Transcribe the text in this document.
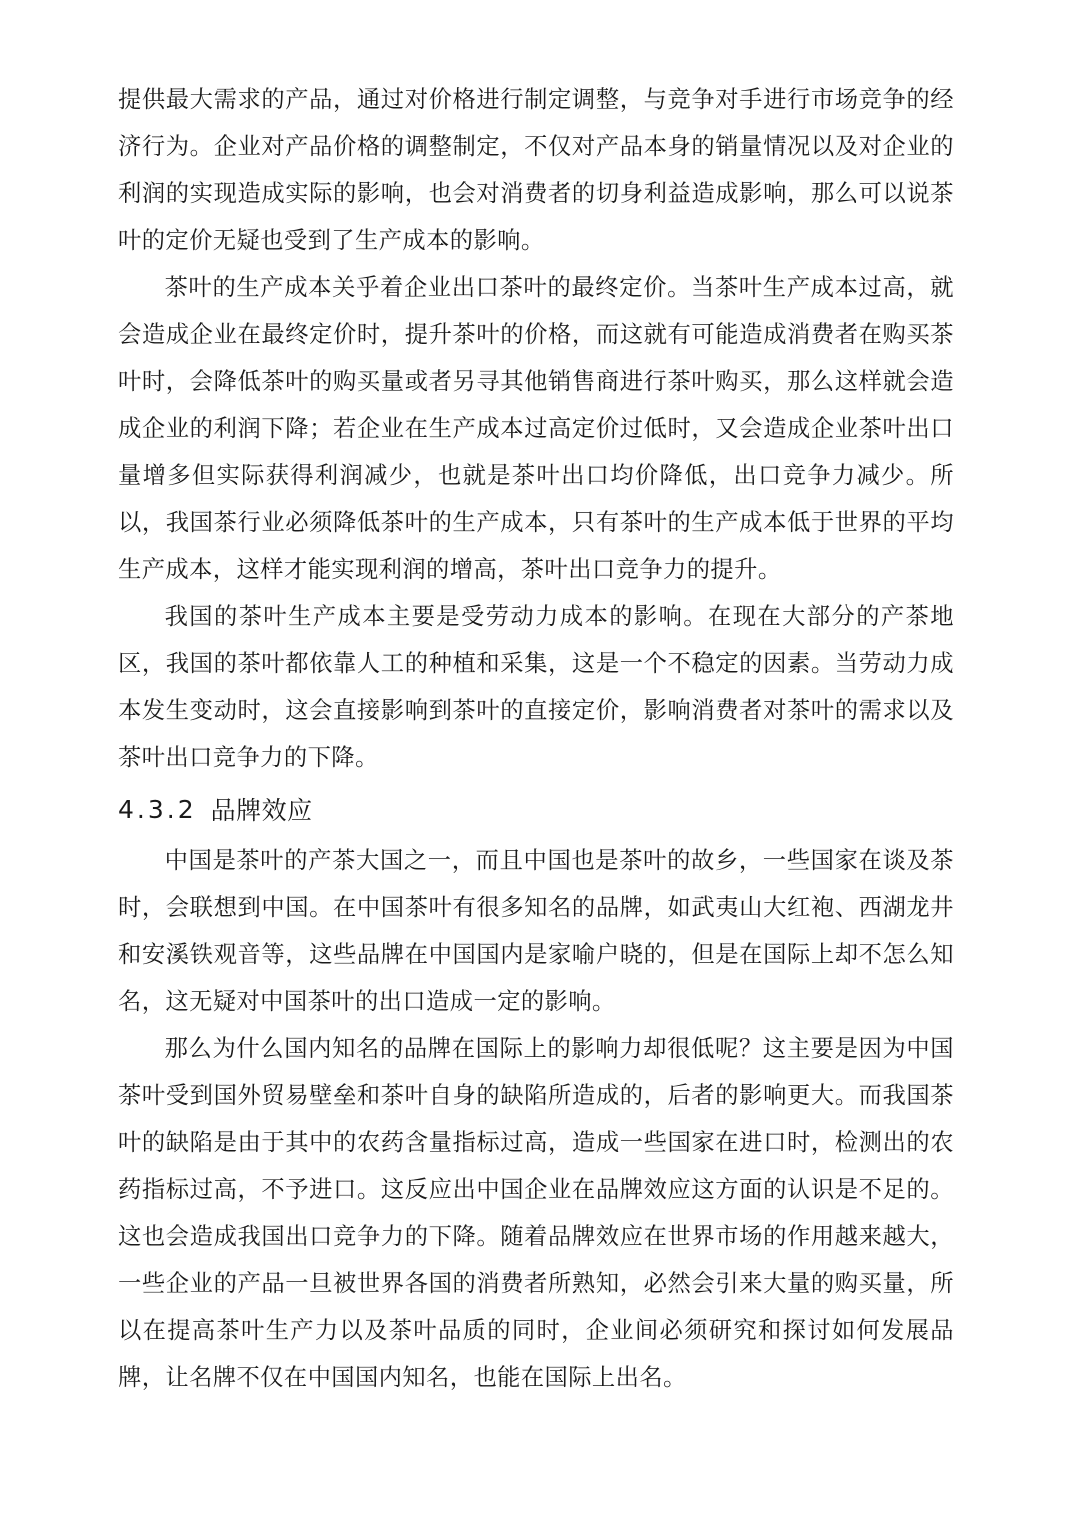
提供最大需求的产品，通过对价格进行制定调整，与竞争对手进行市场竞争的经济行为。企业对产品价格的调整制定，不仅对产品本身的销量情况以及对企业的利润的实现造成实际的影响，也会对消费者的切身利益造成影响，那么可以说茶叶的定价无疑也受到了生产成本的影响。

茶叶的生产成本关乎着企业出口茶叶的最终定价。当茶叶生产成本过高，就会造成企业在最终定价时，提升茶叶的价格，而这就有可能造成消费者在购买茶叶时，会降低茶叶的购买量或者另寻其他销售商进行茶叶购买，那么这样就会造成企业的利润下降；若企业在生产成本过高定价过低时，又会造成企业茶叶出口量增多但实际获得利润减少，也就是茶叶出口均价降低，出口竞争力减少。所以，我国茶行业必须降低茶叶的生产成本，只有茶叶的生产成本低于世界的平均生产成本，这样才能实现利润的增高，茶叶出口竞争力的提升。

我国的茶叶生产成本主要是受劳动力成本的影响。在现在大部分的产茶地区，我国的茶叶都依靠人工的种植和采集，这是一个不稳定的因素。当劳动力成本发生变动时，这会直接影响到茶叶的直接定价，影响消费者对茶叶的需求以及茶叶出口竞争力的下降。

4.3.2 品牌效应

中国是茶叶的产茶大国之一，而且中国也是茶叶的故乡，一些国家在谈及茶时，会联想到中国。在中国茶叶有很多知名的品牌，如武夷山大红袍、西湖龙井和安溪铁观音等，这些品牌在中国国内是家喻户晓的，但是在国际上却不怎么知名，这无疑对中国茶叶的出口造成一定的影响。

那么为什么国内知名的品牌在国际上的影响力却很低呢？这主要是因为中国茶叶受到国外贸易壁垒和茶叶自身的缺陷所造成的，后者的影响更大。而我国茶叶的缺陷是由于其中的农药含量指标过高，造成一些国家在进口时，检测出的农药指标过高，不予进口。这反应出中国企业在品牌效应这方面的认识是不足的。这也会造成我国出口竞争力的下降。随着品牌效应在世界市场的作用越来越大，一些企业的产品一旦被世界各国的消费者所熟知，必然会引来大量的购买量，所以在提高茶叶生产力以及茶叶品质的同时，企业间必须研究和探讨如何发展品牌，让名牌不仅在中国国内知名，也能在国际上出名。
